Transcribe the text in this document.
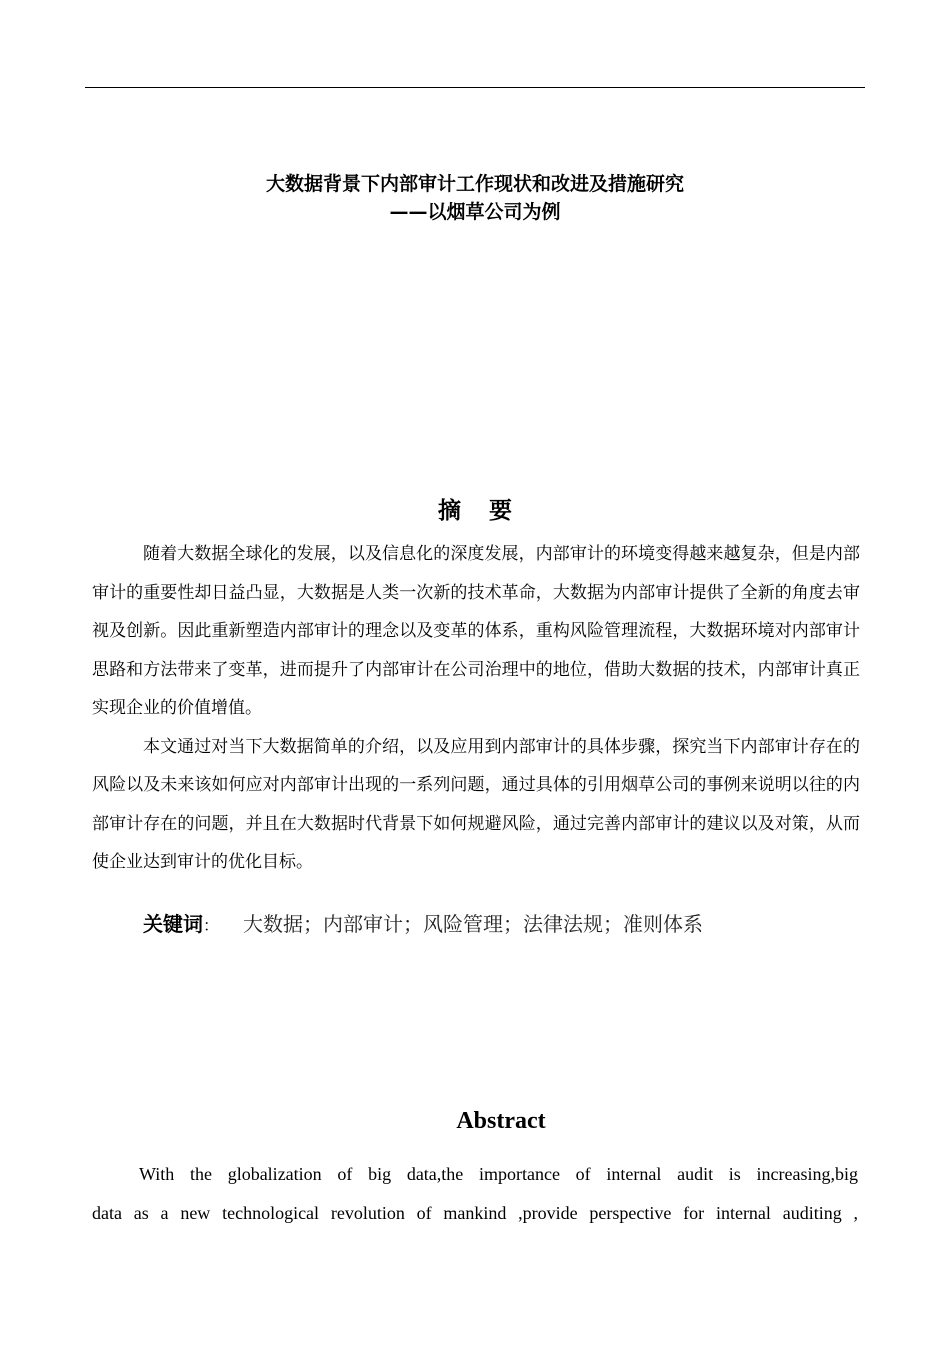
大数据背景下内部审计工作现状和改进及措施研究
——以烟草公司为例
摘 要

随着大数据全球化的发展，以及信息化的深度发展，内部审计的环境变得越来越复杂，但是内部审计的重要性却日益凸显，大数据是人类一次新的技术革命，大数据为内部审计提供了全新的角度去审视及创新。因此重新塑造内部审计的理念以及变革的体系，重构风险管理流程，大数据环境对内部审计思路和方法带来了变革，进而提升了内部审计在公司治理中的地位，借助大数据的技术，内部审计真正实现企业的价值增值。

本文通过对当下大数据简单的介绍，以及应用到内部审计的具体步骤，探究当下内部审计存在的风险以及未来该如何应对内部审计出现的一系列问题，通过具体的引用烟草公司的事例来说明以往的内部审计存在的问题，并且在大数据时代背景下如何规避风险，通过完善内部审计的建议以及对策，从而使企业达到审计的优化目标。

关键词： 大数据；内部审计；风险管理；法律法规；准则体系
Abstract
With the globalization of big data,the importance of internal audit is increasing,big
data as a new technological revolution of mankind ,provide perspective for internal auditing ,
